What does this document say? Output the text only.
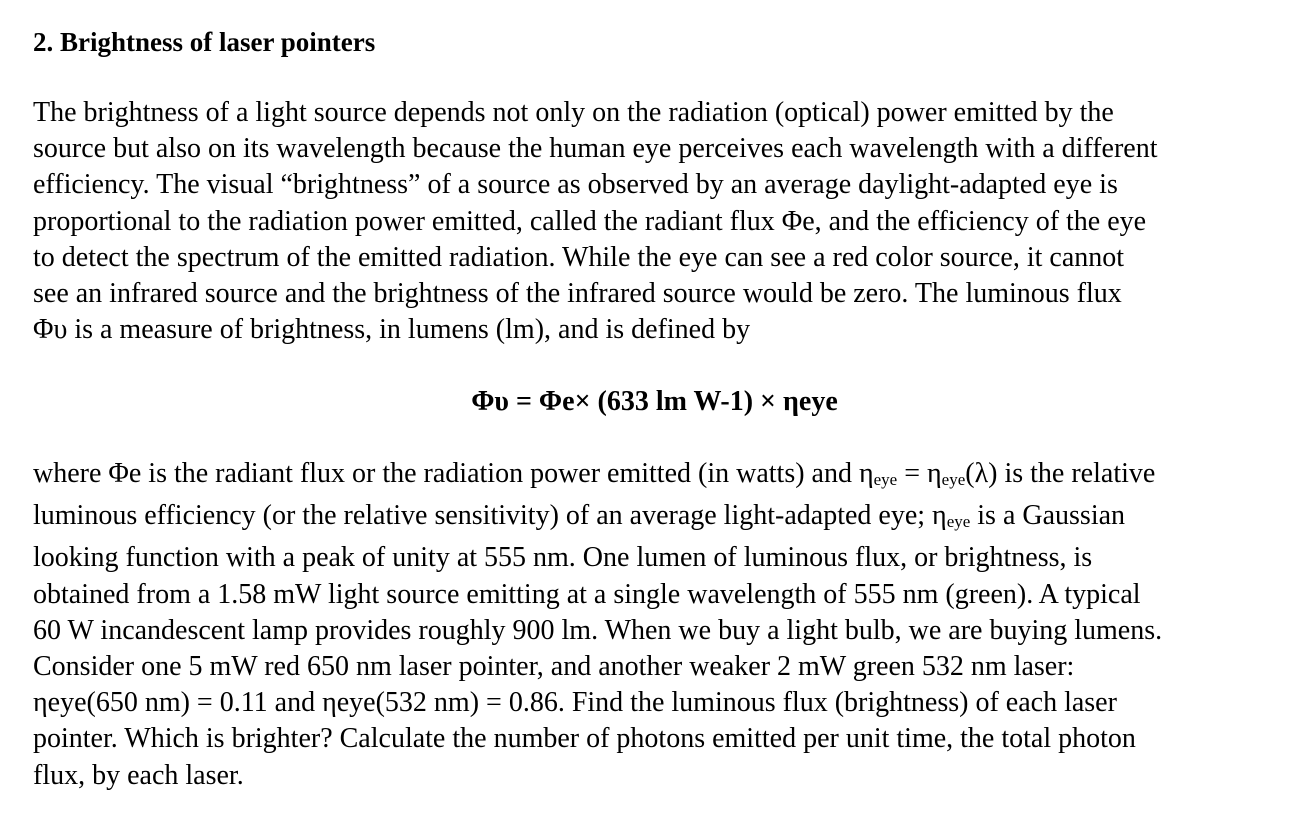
2. Brightness of laser pointers

The brightness of a light source depends not only on the radiation (optical) power emitted by the
source but also on its wavelength because the human eye perceives each wavelength with a different
efficiency. The visual “brightness” of a source as observed by an average daylight-adapted eye is
proportional to the radiation power emitted, called the radiant flux Φe, and the efficiency of the eye
to detect the spectrum of the emitted radiation. While the eye can see a red color source, it cannot
see an infrared source and the brightness of the infrared source would be zero. The luminous flux
Φυ is a measure of brightness, in lumens (lm), and is defined by

Φυ = Φe× (633 lm W-1) × ηeye

where Φe is the radiant flux or the radiation power emitted (in watts) and ηeye = ηeye(λ) is the relative
luminous efficiency (or the relative sensitivity) of an average light-adapted eye; ηeye is a Gaussian
looking function with a peak of unity at 555 nm. One lumen of luminous flux, or brightness, is
obtained from a 1.58 mW light source emitting at a single wavelength of 555 nm (green). A typical
60 W incandescent lamp provides roughly 900 lm. When we buy a light bulb, we are buying lumens.
Consider one 5 mW red 650 nm laser pointer, and another weaker 2 mW green 532 nm laser:
ηeye(650 nm) = 0.11 and ηeye(532 nm) = 0.86. Find the luminous flux (brightness) of each laser
pointer. Which is brighter? Calculate the number of photons emitted per unit time, the total photon
flux, by each laser.
